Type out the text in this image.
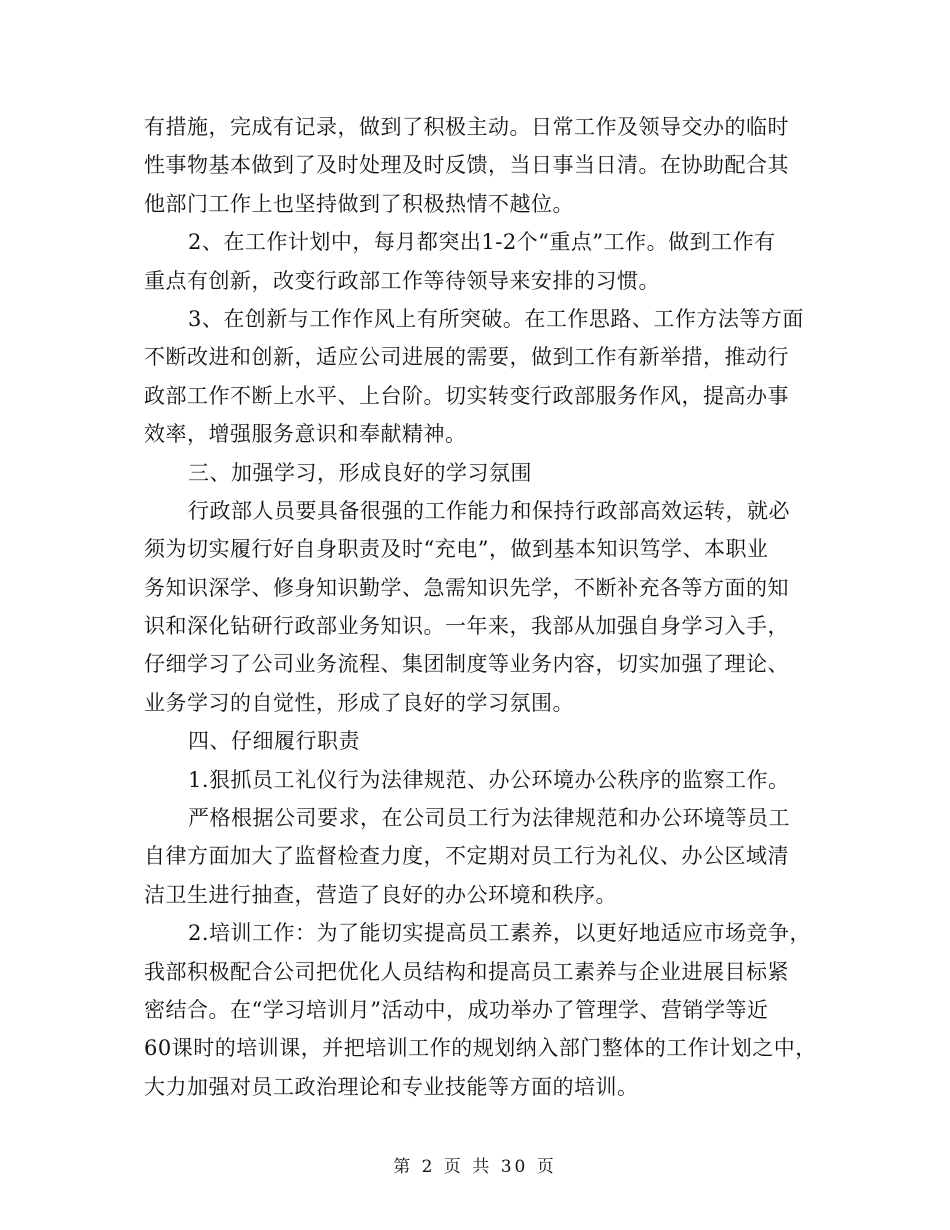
有措施，完成有记录，做到了积极主动。日常工作及领导交办的临时
性事物基本做到了及时处理及时反馈，当日事当日清。在协助配合其
他部门工作上也坚持做到了积极热情不越位。
2、在工作计划中，每月都突出1-2个“重点”工作。做到工作有
重点有创新，改变行政部工作等待领导来安排的习惯。
3、在创新与工作作风上有所突破。在工作思路、工作方法等方面
不断改进和创新，适应公司进展的需要，做到工作有新举措，推动行
政部工作不断上水平、上台阶。切实转变行政部服务作风，提高办事
效率，增强服务意识和奉献精神。
三、加强学习，形成良好的学习氛围
行政部人员要具备很强的工作能力和保持行政部高效运转，就必
须为切实履行好自身职责及时“充电”，做到基本知识笃学、本职业
务知识深学、修身知识勤学、急需知识先学，不断补充各等方面的知
识和深化钻研行政部业务知识。一年来，我部从加强自身学习入手，
仔细学习了公司业务流程、集团制度等业务内容，切实加强了理论、
业务学习的自觉性，形成了良好的学习氛围。
四、仔细履行职责
1.狠抓员工礼仪行为法律规范、办公环境办公秩序的监察工作。
严格根据公司要求，在公司员工行为法律规范和办公环境等员工
自律方面加大了监督检查力度，不定期对员工行为礼仪、办公区域清
洁卫生进行抽查，营造了良好的办公环境和秩序。
2.培训工作：为了能切实提高员工素养，以更好地适应市场竞争，
我部积极配合公司把优化人员结构和提高员工素养与企业进展目标紧
密结合。在“学习培训月”活动中，成功举办了管理学、营销学等近
60课时的培训课，并把培训工作的规划纳入部门整体的工作计划之中，
大力加强对员工政治理论和专业技能等方面的培训。
第 2 页 共 30 页
